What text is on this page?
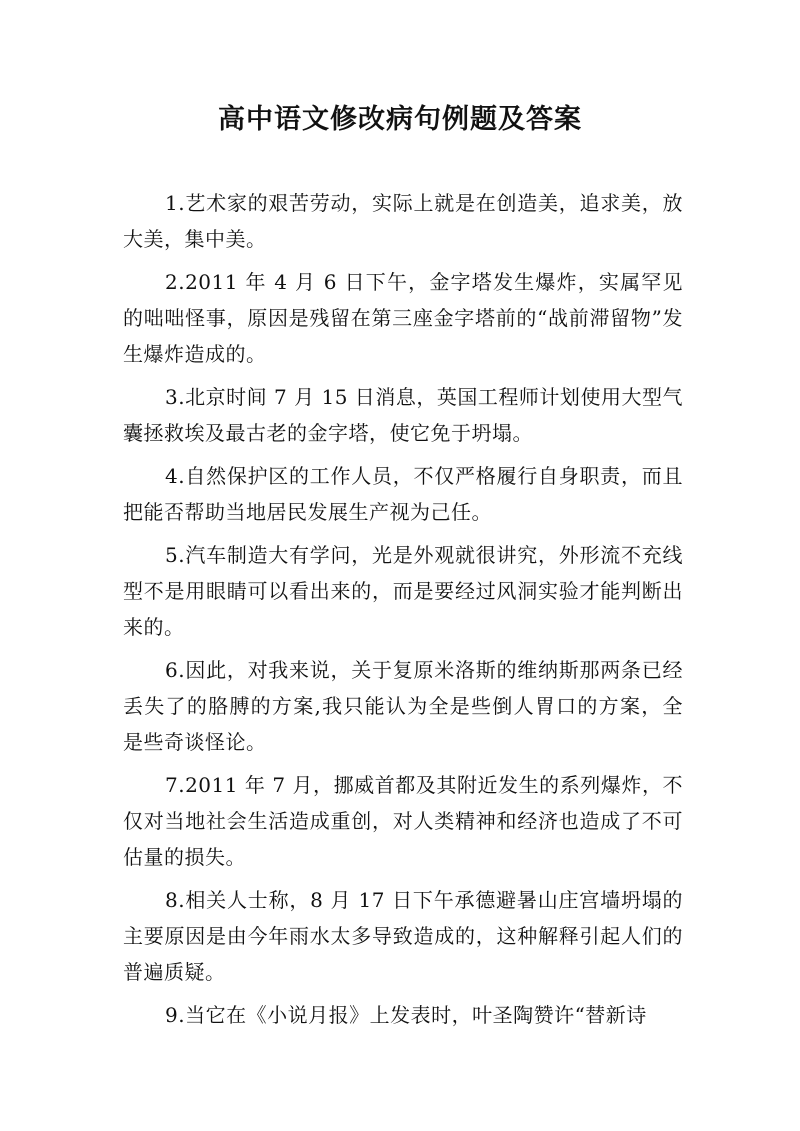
高中语文修改病句例题及答案

1.艺术家的艰苦劳动，实际上就是在创造美，追求美，放大美，集中美。

2.2011 年 4 月 6 日下午，金字塔发生爆炸，实属罕见的咄咄怪事，原因是残留在第三座金字塔前的“战前滞留物”发生爆炸造成的。

3.北京时间 7 月 15 日消息，英国工程师计划使用大型气囊拯救埃及最古老的金字塔，使它免于坍塌。

4.自然保护区的工作人员，不仅严格履行自身职责，而且把能否帮助当地居民发展生产视为己任。

5.汽车制造大有学问，光是外观就很讲究，外形流不充线型不是用眼睛可以看出来的，而是要经过风洞实验才能判断出来的。

6.因此，对我来说，关于复原米洛斯的维纳斯那两条已经丢失了的胳膊的方案,我只能认为全是些倒人胃口的方案，全是些奇谈怪论。

7.2011 年 7 月，挪威首都及其附近发生的系列爆炸，不仅对当地社会生活造成重创，对人类精神和经济也造成了不可估量的损失。

8.相关人士称，8 月 17 日下午承德避暑山庄宫墙坍塌的主要原因是由今年雨水太多导致造成的，这种解释引起人们的普遍质疑。

9.当它在《小说月报》上发表时，叶圣陶赞许“替新诗
